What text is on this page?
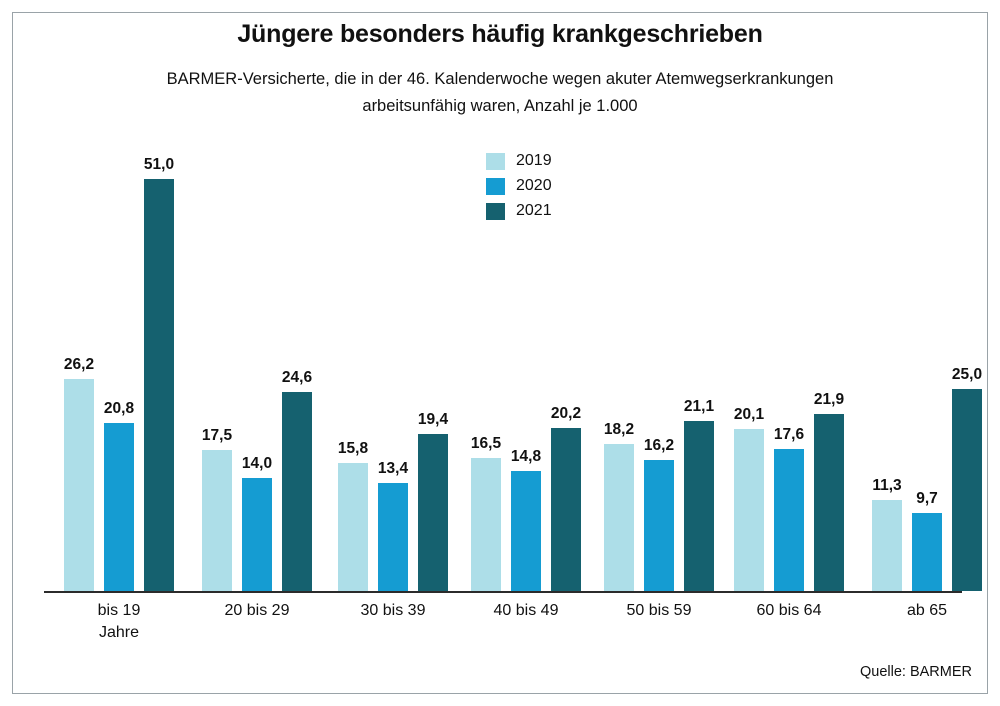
Jüngere besonders häufig krankgeschrieben
BARMER-Versicherte, die in der 46. Kalenderwoche wegen akuter Atemwegserkrankungen
arbeitsunfähig waren, Anzahl je 1.000
2019
2020
2021
26,2
20,8
51,0
17,5
14,0
24,6
15,8
13,4
19,4
16,5
14,8
20,2
18,2
16,2
21,1 20,1
17,6
21,9
11,3
9,7
25,0
bis 19
Jahre
20 bis 29	30 bis 39	40 bis 49	50 bis 59	60 bis 64	ab 65
Quelle: BARMER
